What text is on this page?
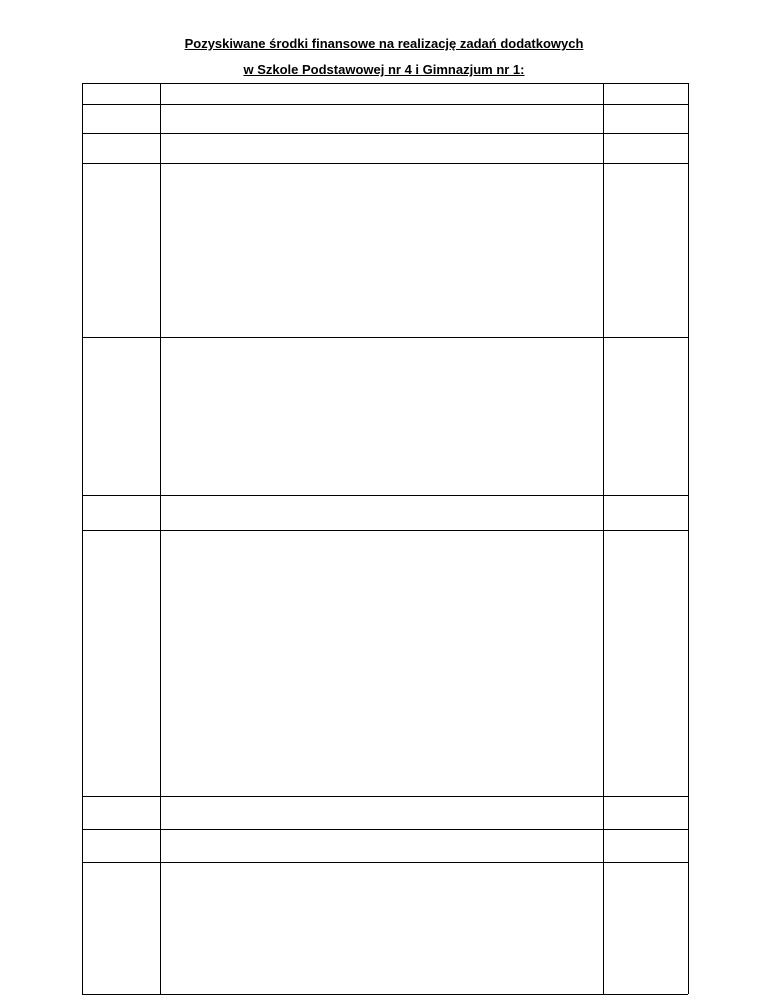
Pozyskiwane środki finansowe na realizację zadań dodatkowych
w Szkole Podstawowej nr 4 i Gimnazjum nr 1:
